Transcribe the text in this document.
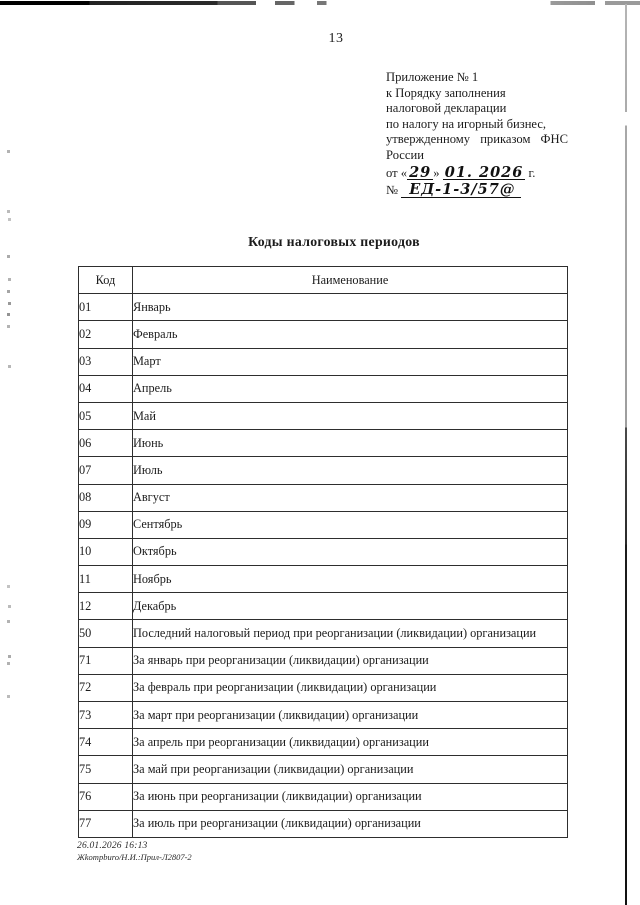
13
Приложение № 1
к Порядку заполнения
налоговой декларации
по налогу на игорный бизнес,
утвержденному приказом ФНС
России
от « 29 » 01. 2026 г.
№ ЕД-1-3/57@
Коды налоговых периодов
Код	Наименование
01	Январь
02	Февраль
03	Март
04	Апрель
05	Май
06	Июнь
07	Июль
08	Август
09	Сентябрь
10	Октябрь
11	Ноябрь
12	Декабрь
50	Последний налоговый период при реорганизации (ликвидации) организации
71	За январь при реорганизации (ликвидации) организации
72	За февраль при реорганизации (ликвидации) организации
73	За март при реорганизации (ликвидации) организации
74	За апрель при реорганизации (ликвидации) организации
75	За май при реорганизации (ликвидации) организации
76	За июнь при реорганизации (ликвидации) организации
77	За июль при реорганизации (ликвидации) организации
26.01.2026 16:13
Жkompburo/Н.И.:Прил-Л2807-2
